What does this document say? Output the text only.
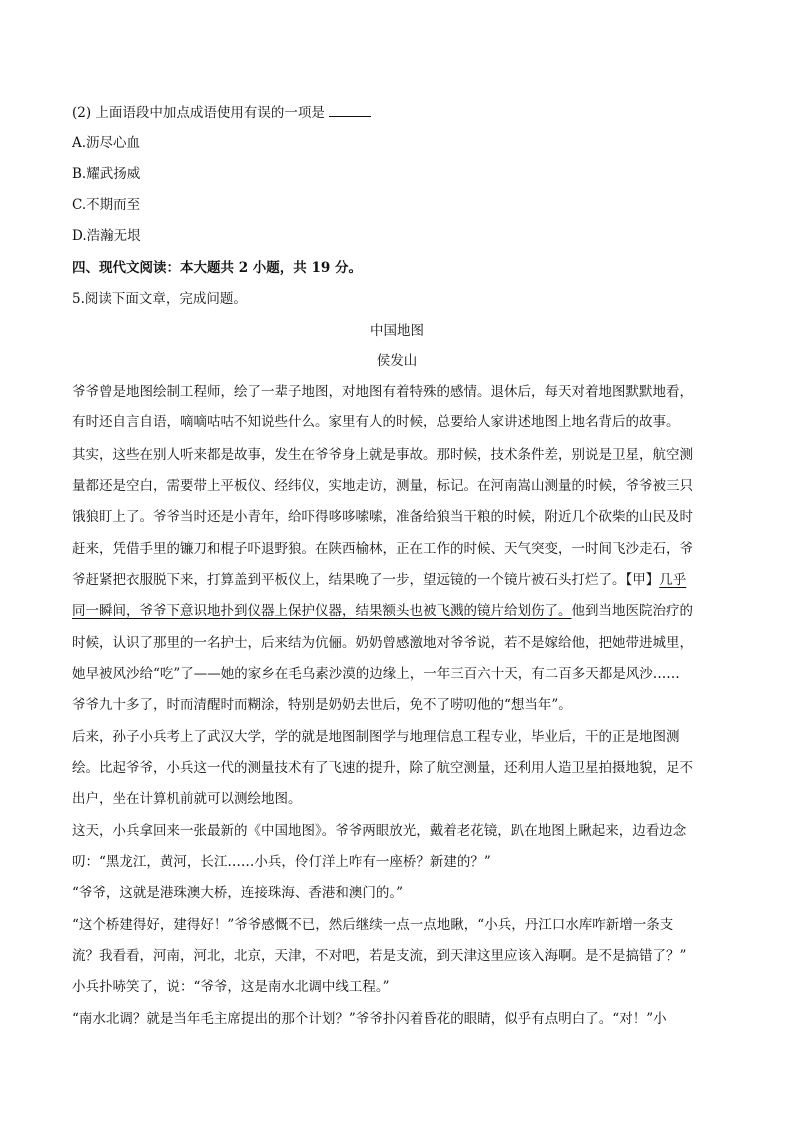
(2) 上面语段中加点成语使用有误的一项是
A.沥尽心血
B.耀武扬威
C.不期而至
D.浩瀚无垠
四、现代文阅读：本大题共 2 小题，共 19 分。
5.阅读下面文章，完成问题。
中国地图
侯发山
爷爷曾是地图绘制工程师，绘了一辈子地图，对地图有着特殊的感情。退休后，每天对着地图默默地看，
有时还自言自语，嘀嘀咕咕不知说些什么。家里有人的时候，总要给人家讲述地图上地名背后的故事。
其实，这些在别人听来都是故事，发生在爷爷身上就是事故。那时候，技术条件差，别说是卫星，航空测
量都还是空白，需要带上平板仪、经纬仪，实地走访，测量，标记。在河南嵩山测量的时候，爷爷被三只
饿狼盯上了。爷爷当时还是小青年，给吓得哆哆嗦嗦，准备给狼当干粮的时候，附近几个砍柴的山民及时
赶来，凭借手里的镰刀和棍子吓退野狼。在陕西榆林，正在工作的时候、天气突变，一时间飞沙走石，爷
爷赶紧把衣服脱下来，打算盖到平板仪上，结果晚了一步，望远镜的一个镜片被石头打烂了。【甲】几乎
同一瞬间，爷爷下意识地扑到仪器上保护仪器，结果额头也被飞溅的镜片给划伤了。他到当地医院治疗的
时候，认识了那里的一名护士，后来结为伉俪。奶奶曾感激地对爷爷说，若不是嫁给他，把她带进城里，
她早被风沙给“吃”了——她的家乡在毛乌素沙漠的边缘上，一年三百六十天，有二百多天都是风沙……
爷爷九十多了，时而清醒时而糊涂，特别是奶奶去世后，免不了唠叨他的“想当年”。
后来，孙子小兵考上了武汉大学，学的就是地图制图学与地理信息工程专业，毕业后，干的正是地图测
绘。比起爷爷，小兵这一代的测量技术有了飞速的提升，除了航空测量，还利用人造卫星拍摄地貌，足不
出户，坐在计算机前就可以测绘地图。
这天，小兵拿回来一张最新的《中国地图》。爷爷两眼放光，戴着老花镜，趴在地图上瞅起来，边看边念
叨：“黑龙江，黄河，长江……小兵，伶仃洋上咋有一座桥？新建的？”
“爷爷，这就是港珠澳大桥，连接珠海、香港和澳门的。”
“这个桥建得好，建得好！”爷爷感慨不已，然后继续一点一点地瞅，“小兵，丹江口水库咋新增一条支
流？我看看，河南，河北，北京，天津，不对吧，若是支流，到天津这里应该入海啊。是不是搞错了？”
小兵扑哧笑了，说：“爷爷，这是南水北调中线工程。”
“南水北调？就是当年毛主席提出的那个计划？”爷爷扑闪着昏花的眼睛，似乎有点明白了。“对！”小
